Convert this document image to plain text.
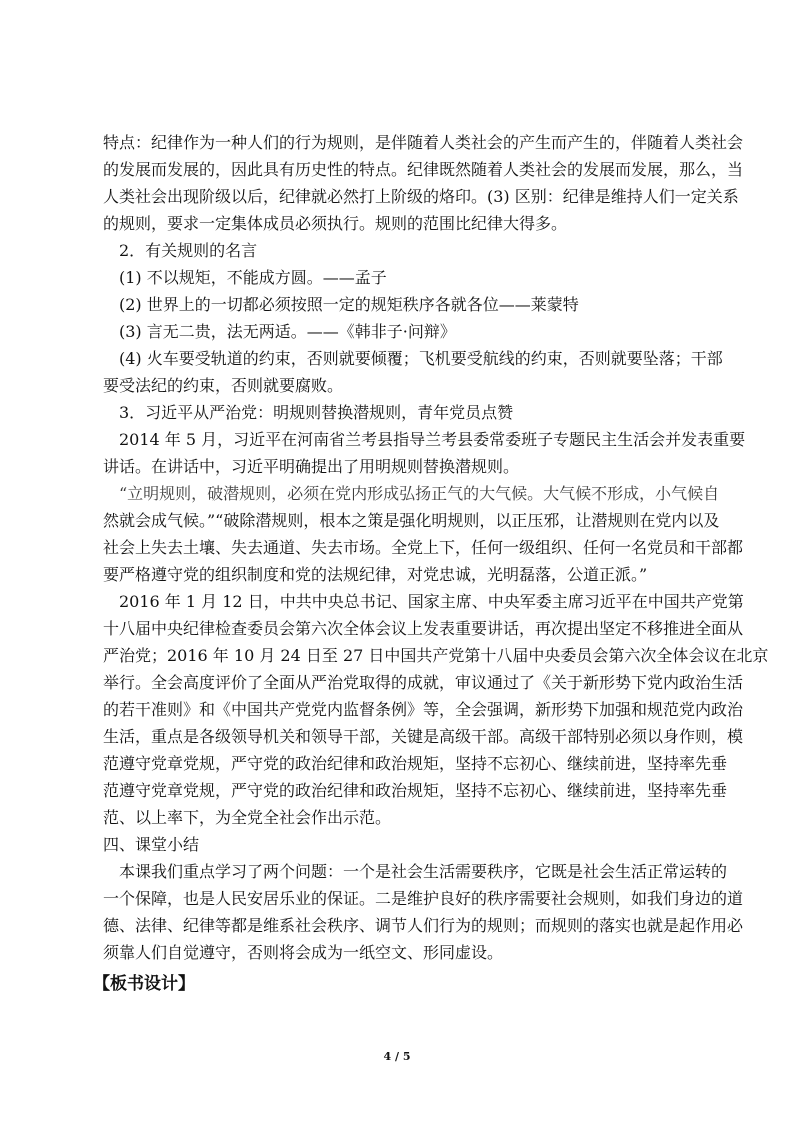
特点：纪律作为一种人们的行为规则，是伴随着人类社会的产生而产生的，伴随着人类社会
的发展而发展的，因此具有历史性的特点。纪律既然随着人类社会的发展而发展，那么，当
人类社会出现阶级以后，纪律就必然打上阶级的烙印。(3) 区别：纪律是维持人们一定关系
的规则，要求一定集体成员必须执行。规则的范围比纪律大得多。
2．有关规则的名言
(1) 不以规矩，不能成方圆。——孟子
(2) 世界上的一切都必须按照一定的规矩秩序各就各位——莱蒙特
(3) 言无二贵，法无两适。——《韩非子·问辩》
(4) 火车要受轨道的约束，否则就要倾覆；飞机要受航线的约束，否则就要坠落；干部
要受法纪的约束，否则就要腐败。
3．习近平从严治党：明规则替换潜规则，青年党员点赞
2014 年 5 月，习近平在河南省兰考县指导兰考县委常委班子专题民主生活会并发表重要
讲话。在讲话中，习近平明确提出了用明规则替换潜规则。
“立明规则，破潜规则，必须在党内形成弘扬正气的大气候。大气候不形成，小气候自
然就会成气候。”“破除潜规则，根本之策是强化明规则，以正压邪，让潜规则在党内以及
社会上失去土壤、失去通道、失去市场。全党上下，任何一级组织、任何一名党员和干部都
要严格遵守党的组织制度和党的法规纪律，对党忠诚，光明磊落，公道正派。”
2016 年 1 月 12 日，中共中央总书记、国家主席、中央军委主席习近平在中国共产党第
十八届中央纪律检查委员会第六次全体会议上发表重要讲话，再次提出坚定不移推进全面从
严治党；2016 年 10 月 24 日至 27 日中国共产党第十八届中央委员会第六次全体会议在北京
举行。全会高度评价了全面从严治党取得的成就，审议通过了《关于新形势下党内政治生活
的若干准则》和《中国共产党党内监督条例》等，全会强调，新形势下加强和规范党内政治
生活，重点是各级领导机关和领导干部，关键是高级干部。高级干部特别必须以身作则，模
范遵守党章党规，严守党的政治纪律和政治规矩，坚持不忘初心、继续前进，坚持率先垂
范遵守党章党规，严守党的政治纪律和政治规矩，坚持不忘初心、继续前进，坚持率先垂
范、以上率下，为全党全社会作出示范。
四、课堂小结
本课我们重点学习了两个问题：一个是社会生活需要秩序，它既是社会生活正常运转的
一个保障，也是人民安居乐业的保证。二是维护良好的秩序需要社会规则，如我们身边的道
德、法律、纪律等都是维系社会秩序、调节人们行为的规则；而规则的落实也就是起作用必
须靠人们自觉遵守，否则将会成为一纸空文、形同虚设。
【板书设计】
4 / 5
